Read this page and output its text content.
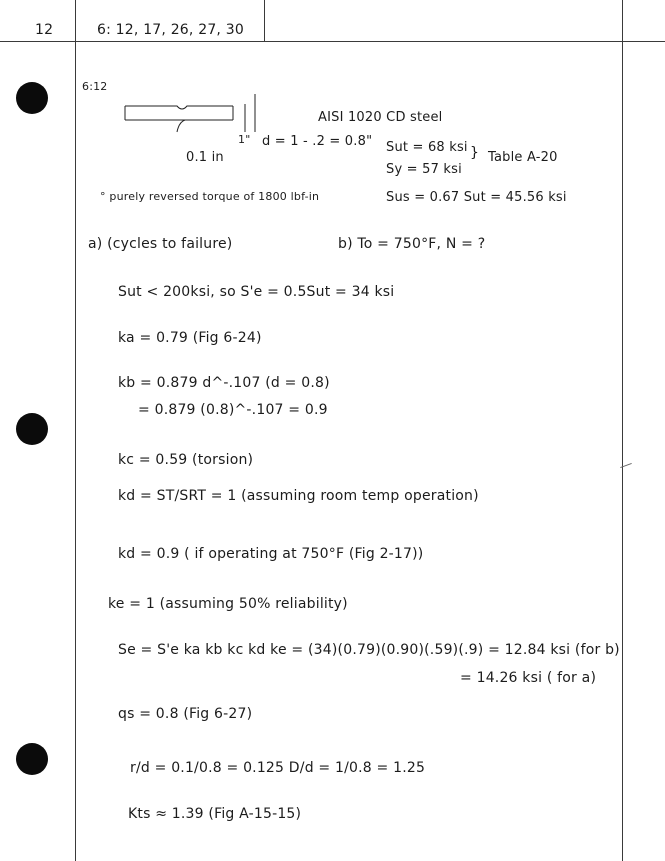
12	6: 12, 17, 26, 27, 30
6:12
0.1 in
1" d = 1 - .2 = 0.8"
AISI 1020 CD steel
Sut = 68 ksi
Sy = 57 ksi
} Table A-20
° purely reversed torque of 1800 lbf-in	Sus = 0.67 Sut = 45.56 ksi
a) (cycles to failure)	b) To = 750°F, N = ?
Sut < 200ksi, so S'e = 0.5Sut = 34 ksi
ka = 0.79 (Fig 6-24)
kb = 0.879 d^-.107 (d = 0.8)
= 0.879 (0.8)^-.107 = 0.9
kc = 0.59 (torsion)
kd = ST/SRT = 1 (assuming room temp operation)
kd = 0.9 ( if operating at 750°F (Fig 2-17))
ke = 1 (assuming 50% reliability)
Se = S'e ka kb kc kd ke = (34)(0.79)(0.90)(.59)(.9) = 12.84 ksi (for b)
= 14.26 ksi ( for a)
qs = 0.8 (Fig 6-27)
r/d = 0.1/0.8 = 0.125 D/d = 1/0.8 = 1.25
Kts ≈ 1.39 (Fig A-15-15)
